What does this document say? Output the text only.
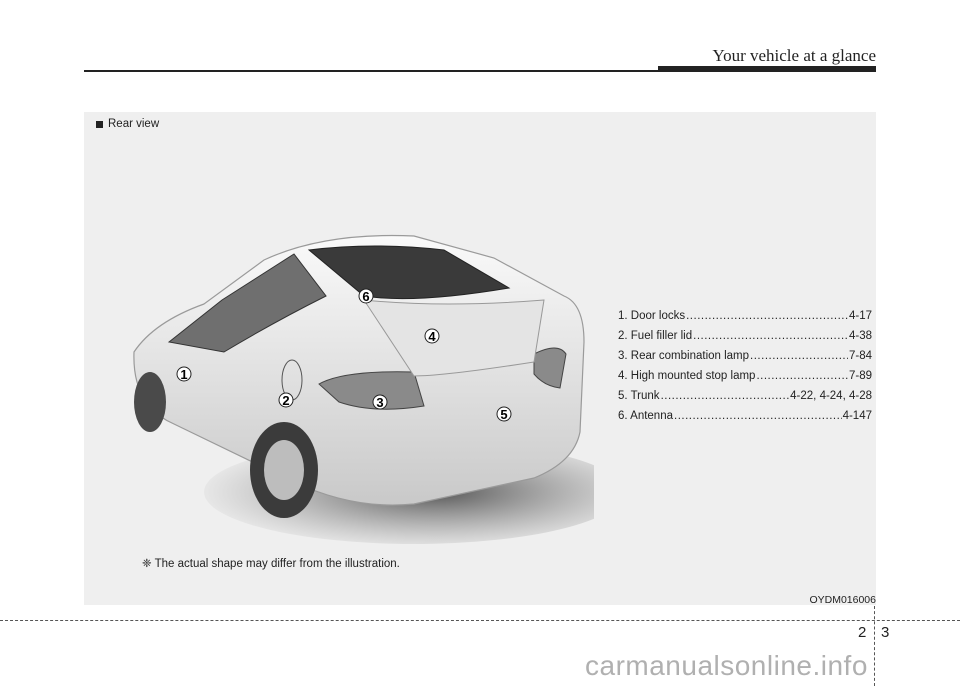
Your vehicle at a glance
Rear view
1
2	3
4
5
6
1. Door locks .....	4-17
2. Fuel filler lid .....	4-38
3. Rear combination lamp .....	7-84
4. High mounted stop lamp .....	7-89
5. Trunk .....	4-22, 4-24, 4-28
6. Antenna .....	4-147
❈ The actual shape may differ from the illustration.
OYDM016006
2 3
carmanualsonline.info
